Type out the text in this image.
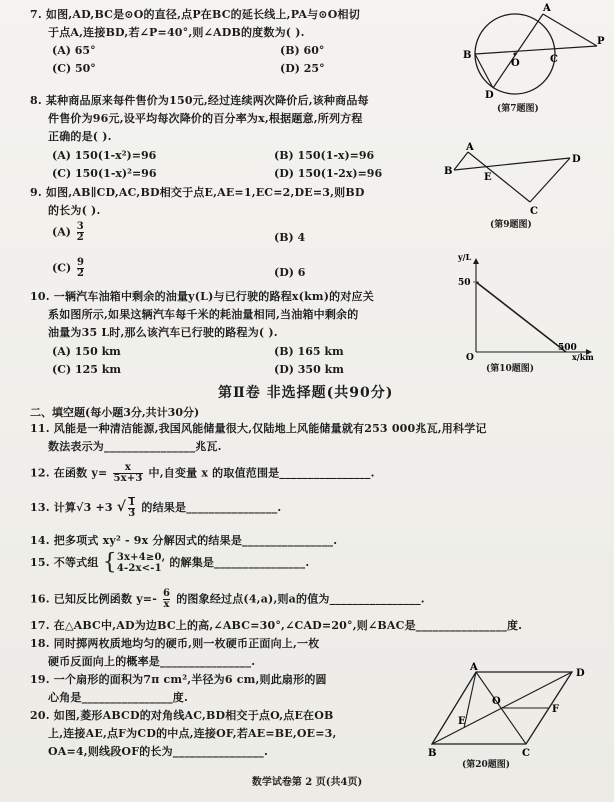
7. 如图,AD,BC是⊙O的直径,点P在BC的延长线上,PA与⊙O相切
于点A,连接BD,若∠P=40°,则∠ADB的度数为( ).
(A) 65°	(B) 60°
(C) 50°	(D) 25°
A
B	C
D
O
P
(第7题图)
8. 某种商品原来每件售价为150元,经过连续两次降价后,该种商品每
件售价为96元,设平均每次降价的百分率为x,根据题意,所列方程
正确的是( ).
(A) 150(1-x²)=96	(B) 150(1-x)=96
(C) 150(1-x)²=96	(D) 150(1-2x)=96
A
B
C
D
E
(第9题图)
9. 如图,AB∥CD,AC,BD相交于点E,AE=1,EC=2,DE=3,则BD
的长为( ).
$(A) \frac{3}{2}$	(B) 4
$(C) \frac{9}{2}$	(D) 6
y/L
x/km
O
50
500
(第10题图)
10. 一辆汽车油箱中剩余的油量y(L)与已行驶的路程x(km)的对应关
系如图所示,如果这辆汽车每千米的耗油量相同,当油箱中剩余的
油量为35 L时,那么该汽车已行驶的路程为( ).
(A) 150 km	(B) 165 km
(C) 125 km	(D) 350 km
第Ⅱ卷 非选择题(共90分)
二、填空题(每小题3分,共计30分)
11. 风能是一种清洁能源,我国风能储量很大,仅陆地上风能储量就有253 000兆瓦,用科学记
数法表示为________________兆瓦.
12. 在函数 $y= \frac{x}{5x+3}$ 中,自变量 x 的取值范围是________________.
13. 计算√3 +3 √ $\frac{1}{3}$ 的结果是________________.
14. 把多项式 xy² - 9x 分解因式的结果是________________.
15. 不等式组 { 3x+4≥0,
4-2x<-1 的解集是________________.
16. 已知反比例函数 $y=- \frac{6}{x}$ 的图象经过点(4,a),则a的值为________________.
17. 在△ABC中,AD为边BC上的高,∠ABC=30°,∠CAD=20°,则∠BAC是________________度.
18. 同时掷两枚质地均匀的硬币,则一枚硬币正面向上,一枚
硬币反面向上的概率是________________.
19. 一个扇形的面积为7π cm²,半径为6 cm,则此扇形的圆
心角是________________度.
20. 如图,菱形ABCD的对角线AC,BD相交于点O,点E在OB
上,连接AE,点F为CD的中点,连接OF,若AE=BE,OE=3,
OA=4,则线段OF的长为________________.
A
B	C
D
E
F
O
(第20题图)
数学试卷第 2 页(共4页)
